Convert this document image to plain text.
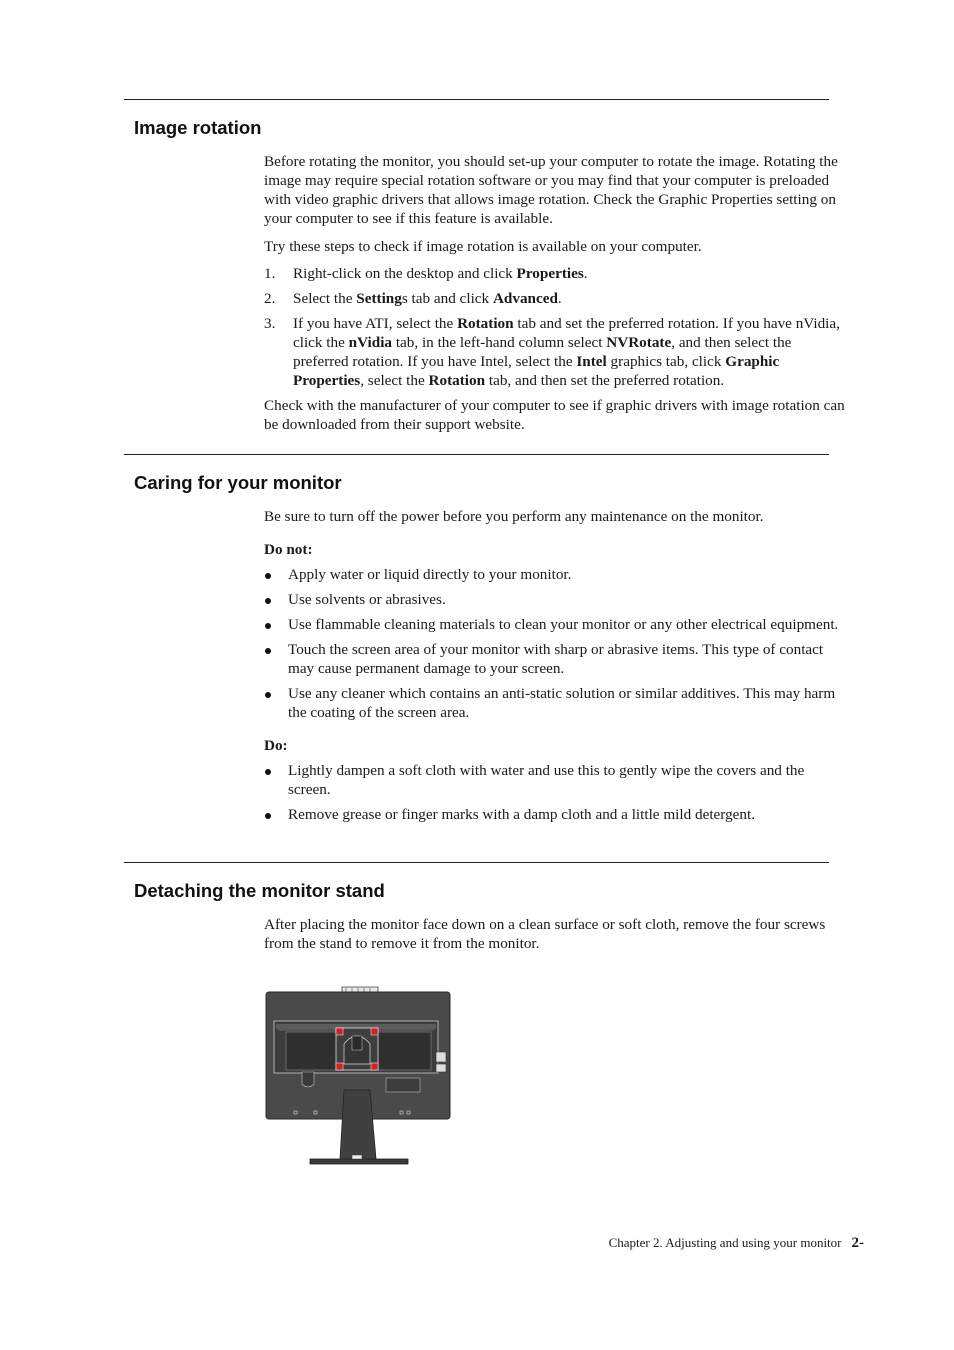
Image rotation

Before rotating the monitor, you should set-up your computer to rotate the image. Rotating the image may require special rotation software or you may find that your computer is preloaded with video graphic drivers that allows image rotation. Check the Graphic Properties setting on your computer to see if this feature is available.

Try these steps to check if image rotation is available on your computer.

1. Right-click on the desktop and click Properties.
2. Select the Settings tab and click Advanced.
3. If you have ATI, select the Rotation tab and set the preferred rotation. If you have nVidia, click the nVidia tab, in the left-hand column select NVRotate, and then select the preferred rotation. If you have Intel, select the Intel graphics tab, click Graphic Properties, select the Rotation tab, and then set the preferred rotation.

Check with the manufacturer of your computer to see if graphic drivers with image rotation can be downloaded from their support website.

Caring for your monitor

Be sure to turn off the power before you perform any maintenance on the monitor.

Do not:

Apply water or liquid directly to your monitor.
Use solvents or abrasives.
Use flammable cleaning materials to clean your monitor or any other electrical equipment.
Touch the screen area of your monitor with sharp or abrasive items. This type of contact may cause permanent damage to your screen.
Use any cleaner which contains an anti-static solution or similar additives. This may harm the coating of the screen area.

Do:

Lightly dampen a soft cloth with water and use this to gently wipe the covers and the screen.
Remove grease or finger marks with a damp cloth and a little mild detergent.
Detaching the monitor stand

After placing the monitor face down on a clean surface or soft cloth, remove the four screws from the stand to remove it from the monitor.

Chapter 2. Adjusting and using your monitor 2-
